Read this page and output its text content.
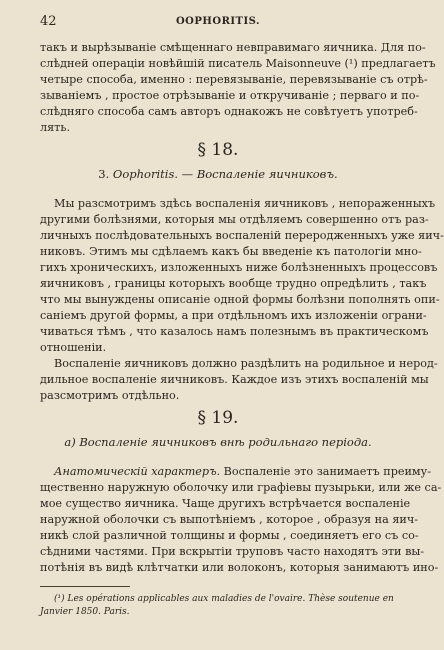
42	OOPHORITIS.
такъ и вырѣзываніе смѣщеннаго невправимаго яичника. Для по-
слѣдней операціи новѣйшій писатель Maisonneuve (¹) предлагаетъ
четыре способа, именно : перевязываніе, перевязываніе съ отрѣ-
зываніемъ , простое отрѣзываніе и откручиваніе ; перваго и по-
слѣдняго способа самъ авторъ однакожъ не совѣтуетъ употреб-
лять.
§ 18.
3. Oophoritis. — Воспаленіе яичниковъ.
Мы разсмотримъ здѣсь воспаленія яичниковъ , непораженныхъ
другими болѣзнями, которыя мы отдѣляемъ совершенно отъ раз-
личныхъ послѣдовательныхъ воспаленій переродженныхъ уже яич-
никовъ. Этимъ мы сдѣлаемъ какъ бы введеніе къ патологіи мно-
гихъ хроническихъ, изложенныхъ ниже болѣзненныхъ процессовъ
яичниковъ , границы которыхъ вообще трудно опредѣлить , такъ
что мы вынуждены описаніе одной формы болѣзни пополнять опи-
саніемъ другой формы, а при отдѣльномъ ихъ изложеніи ограни-
чиваться тѣмъ , что казалось намъ полезнымъ въ практическомъ
отношеніи.
Воспаленіе яичниковъ должно раздѣлить на родильное и нерод-
дильное воспаленіе яичниковъ. Каждое изъ этихъ воспаленій мы
разсмотримъ отдѣльно.
§ 19.
а) Воспаленіе яичниковъ внѣ родильнаго періода.
Анатомическій характеръ. Воспаленіе это занимаетъ преиму-
щественно наружную оболочку или графіевы пузырьки, или же са-
мое существо яичника. Чаще другихъ встрѣчается воспаленіе
наружной оболочки съ выпотѣніемъ , которое , образуя на яич-
никѣ слой различной толщины и формы , соединяетъ его съ со-
сѣдними частями. При вскрытіи труповъ часто находятъ эти вы-
потѣнія въ видѣ клѣтчатки или волоконъ, которыя занимаютъ ино-
(¹) Les opérations applicables aux maladies de l'ovaire. Thèse soutenue en
Janvier 1850. Paris.
